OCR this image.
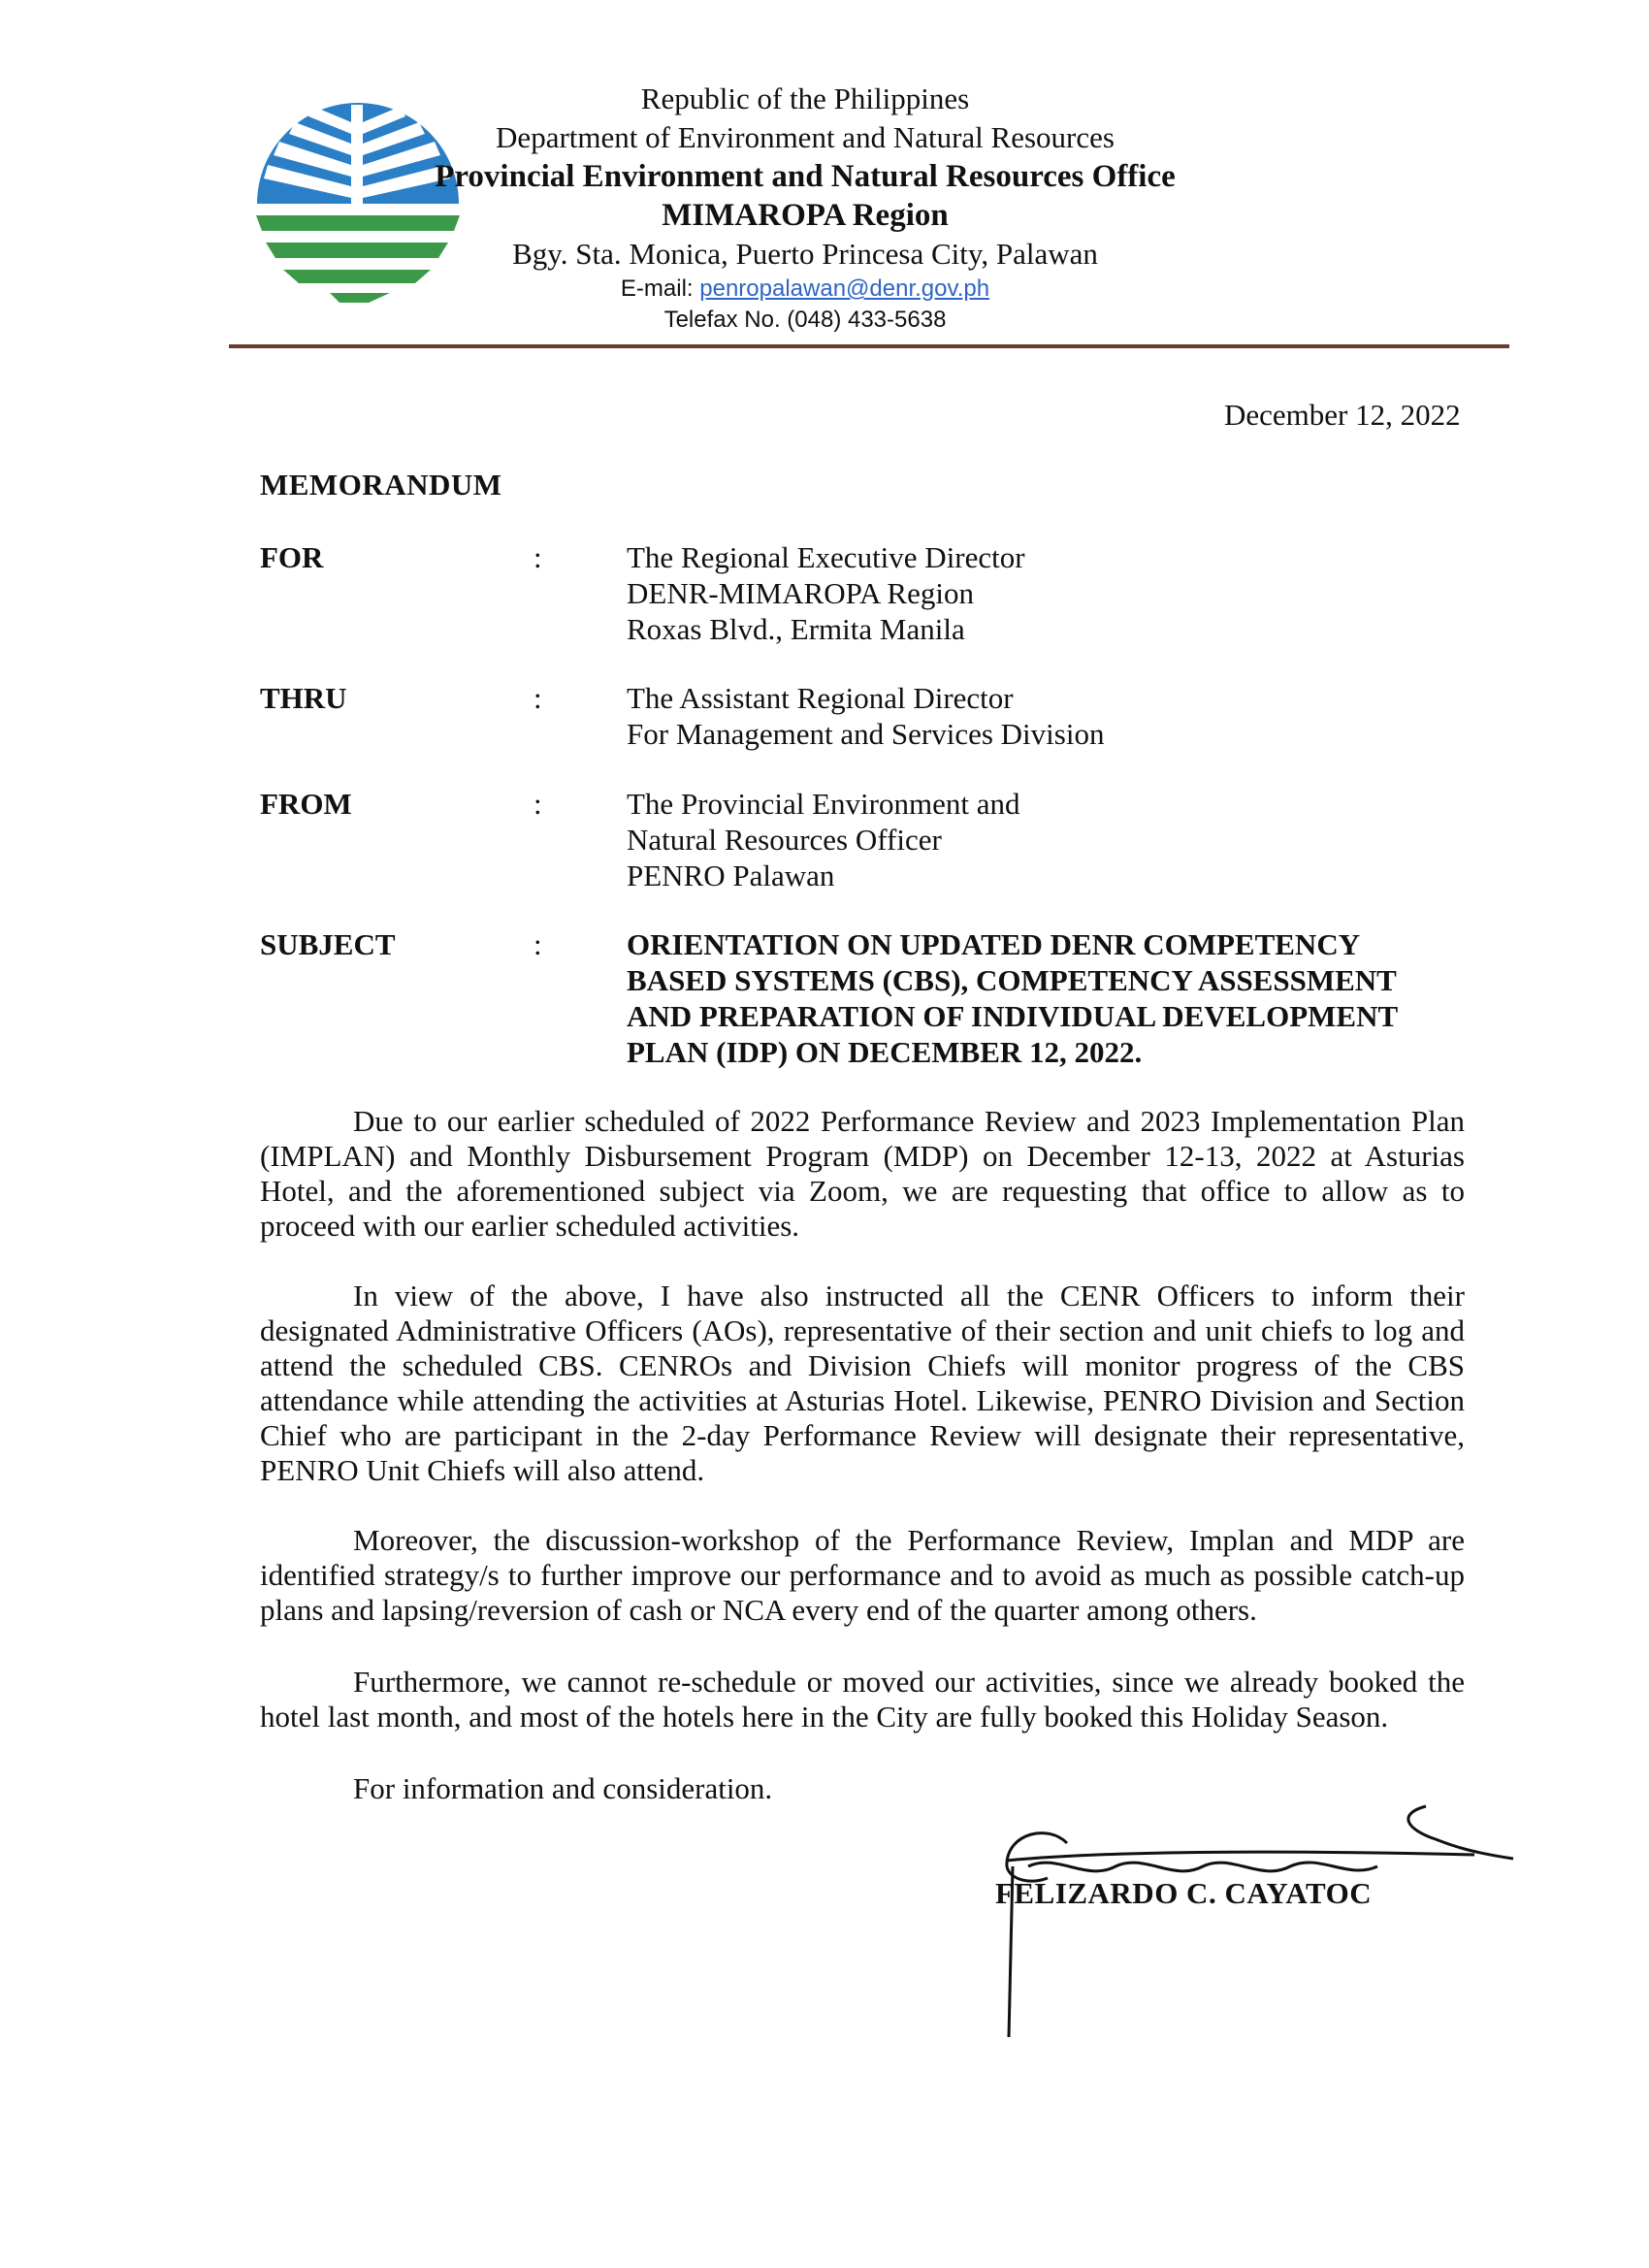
Republic of the Philippines
Department of Environment and Natural Resources
Provincial Environment and Natural Resources Office
MIMAROPA Region
Bgy. Sta. Monica, Puerto Princesa City, Palawan
E-mail: penropalawan@denr.gov.ph
Telefax No. (048) 433-5638
December 12, 2022
MEMORANDUM
FOR	:	The Regional Executive Director
DENR-MIMAROPA Region
Roxas Blvd., Ermita Manila
THRU	:	The Assistant Regional Director
For Management and Services Division
FROM	:	The Provincial Environment and
Natural Resources Officer
PENRO Palawan
SUBJECT	:	ORIENTATION ON UPDATED DENR COMPETENCY
BASED SYSTEMS (CBS), COMPETENCY ASSESSMENT
AND PREPARATION OF INDIVIDUAL DEVELOPMENT
PLAN (IDP) ON DECEMBER 12, 2022.

Due to our earlier scheduled of 2022 Performance Review and 2023 Implementation Plan (IMPLAN) and Monthly Disbursement Program (MDP) on December 12-13, 2022 at Asturias Hotel, and the aforementioned subject via Zoom, we are requesting that office to allow as to proceed with our earlier scheduled activities.

In view of the above, I have also instructed all the CENR Officers to inform their designated Administrative Officers (AOs), representative of their section and unit chiefs to log and attend the scheduled CBS. CENROs and Division Chiefs will monitor progress of the CBS attendance while attending the activities at Asturias Hotel. Likewise, PENRO Division and Section Chief who are participant in the 2-day Performance Review will designate their representative, PENRO Unit Chiefs will also attend.

Moreover, the discussion-workshop of the Performance Review, Implan and MDP are identified strategy/s to further improve our performance and to avoid as much as possible catch-up plans and lapsing/reversion of cash or NCA every end of the quarter among others.

Furthermore, we cannot re-schedule or moved our activities, since we already booked the hotel last month, and most of the hotels here in the City are fully booked this Holiday Season.

For information and consideration.

FELIZARDO C. CAYATOC
